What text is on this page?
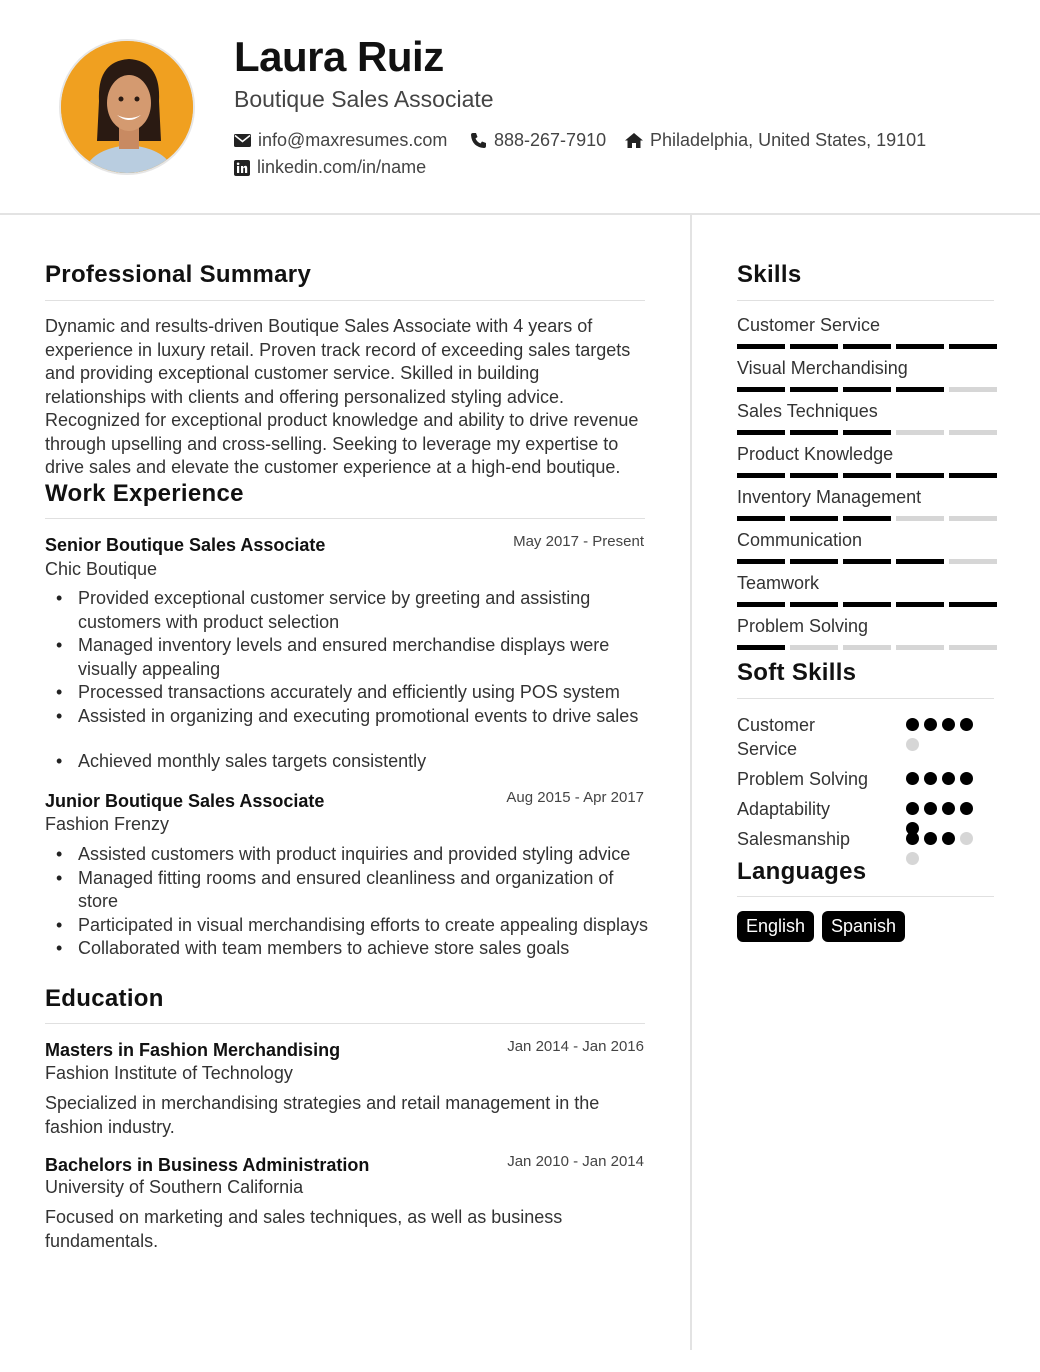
Laura Ruiz
Boutique Sales Associate
info@maxresumes.com	888-267-7910 Philadelphia, United States, 19101
linkedin.com/in/name
Professional Summary
Dynamic and results-driven Boutique Sales Associate with 4 years of experience in luxury retail. Proven track record of exceeding sales targets and providing exceptional customer service. Skilled in building relationships with clients and offering personalized styling advice. Recognized for exceptional product knowledge and ability to drive revenue through upselling and cross-selling. Seeking to leverage my expertise to drive sales and elevate the customer experience at a high-end boutique.
Work Experience
Senior Boutique Sales Associate	May 2017 - Present
Chic Boutique
• Provided exceptional customer service by greeting and assisting customers with product selection
• Managed inventory levels and ensured merchandise displays were visually appealing
• Processed transactions accurately and efficiently using POS system
• Assisted in organizing and executing promotional events to drive sales
• Achieved monthly sales targets consistently
Junior Boutique Sales Associate	Aug 2015 - Apr 2017
Fashion Frenzy
• Assisted customers with product inquiries and provided styling advice
• Managed fitting rooms and ensured cleanliness and organization of store
• Participated in visual merchandising efforts to create appealing displays
• Collaborated with team members to achieve store sales goals
Education
Masters in Fashion Merchandising	Jan 2014 - Jan 2016
Fashion Institute of Technology
Specialized in merchandising strategies and retail management in the fashion industry.
Bachelors in Business Administration	Jan 2010 - Jan 2014
University of Southern California
Focused on marketing and sales techniques, as well as business fundamentals.
Skills
Customer Service
Visual Merchandising
Sales Techniques
Product Knowledge
Inventory Management
Communication
Teamwork
Problem Solving
Soft Skills
Customer Service
Problem Solving
Adaptability
Salesmanship
Languages
English	Spanish
